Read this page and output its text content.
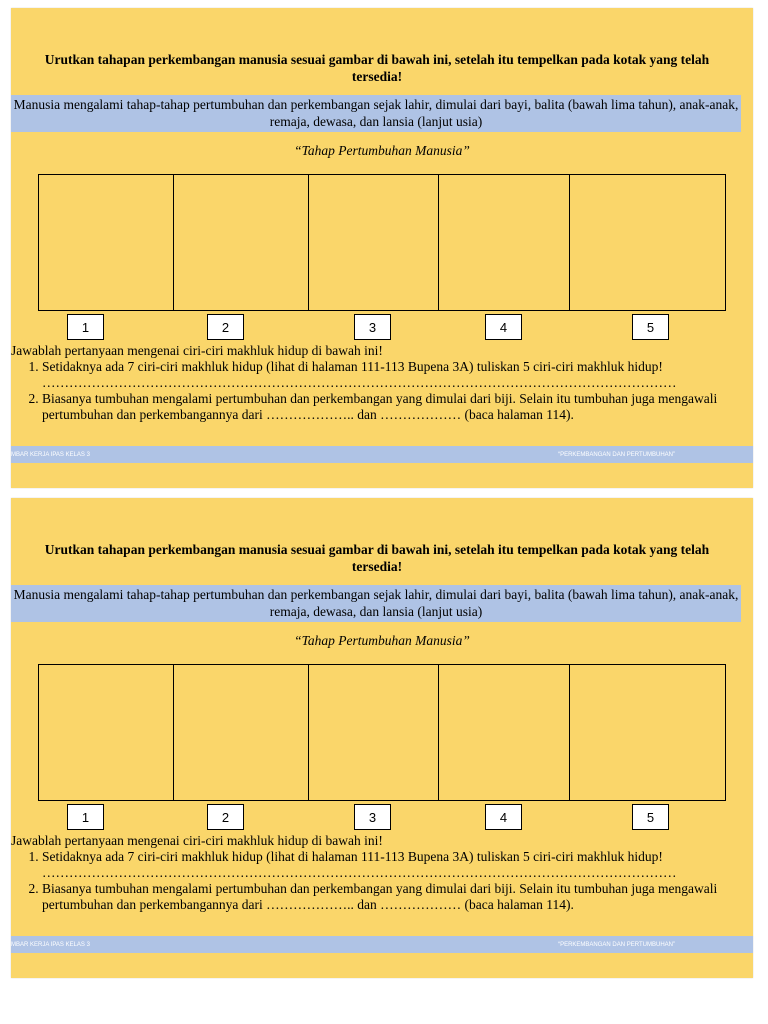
Urutkan tahapan perkembangan manusia sesuai gambar di bawah ini, setelah itu tempelkan pada kotak yang telah tersedia!
Manusia mengalami tahap-tahap pertumbuhan dan perkembangan sejak lahir, dimulai dari bayi, balita (bawah lima tahun), anak-anak, remaja, dewasa, dan lansia (lanjut usia)
“Tahap Pertumbuhan Manusia”
1	2	3	4	5
Jawablah pertanyaan mengenai ciri-ciri makhluk hidup di bawah ini!
1. Setidaknya ada 7 ciri-ciri makhluk hidup (lihat di halaman 111-113 Bupena 3A) tuliskan 5 ciri-ciri makhluk hidup!
……………………………………………………………………………………………………………………………
2. Biasanya tumbuhan mengalami pertumbuhan dan perkembangan yang dimulai dari biji. Selain itu tumbuhan juga mengawali pertumbuhan dan perkembangannya dari ……………….. dan ……………… (baca halaman 114).
MBAR KERJA IPAS KELAS 3	“PERKEMBANGAN DAN PERTUMBUHAN”
Urutkan tahapan perkembangan manusia sesuai gambar di bawah ini, setelah itu tempelkan pada kotak yang telah tersedia!
Manusia mengalami tahap-tahap pertumbuhan dan perkembangan sejak lahir, dimulai dari bayi, balita (bawah lima tahun), anak-anak, remaja, dewasa, dan lansia (lanjut usia)
“Tahap Pertumbuhan Manusia”
1	2	3	4	5
Jawablah pertanyaan mengenai ciri-ciri makhluk hidup di bawah ini!
1. Setidaknya ada 7 ciri-ciri makhluk hidup (lihat di halaman 111-113 Bupena 3A) tuliskan 5 ciri-ciri makhluk hidup!
……………………………………………………………………………………………………………………………
2. Biasanya tumbuhan mengalami pertumbuhan dan perkembangan yang dimulai dari biji. Selain itu tumbuhan juga mengawali pertumbuhan dan perkembangannya dari ……………….. dan ……………… (baca halaman 114).
MBAR KERJA IPAS KELAS 3	“PERKEMBANGAN DAN PERTUMBUHAN”
